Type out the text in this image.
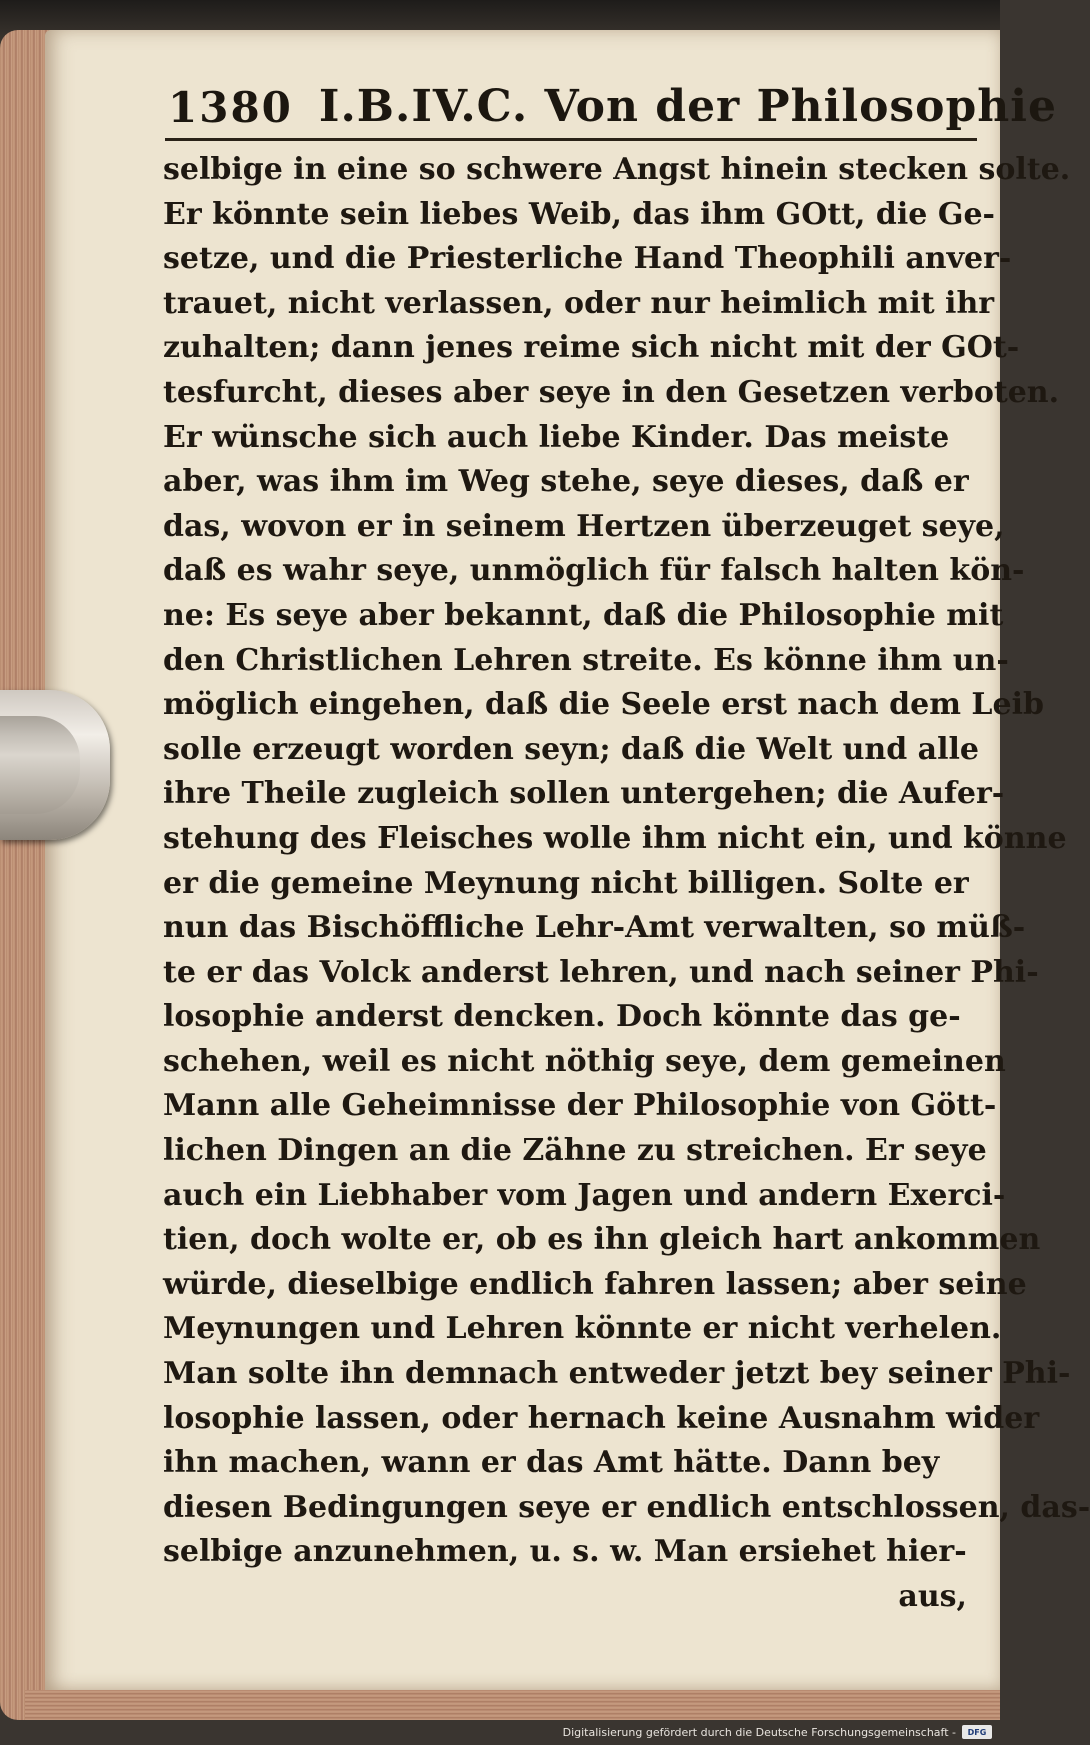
1380 I.B.IV.C. Von der Philosophie
selbige in eine so schwere Angst hinein stecken solte.
Er könnte sein liebes Weib, das ihm GOtt, die Ge-
setze, und die Priesterliche Hand Theophili anver-
trauet, nicht verlassen, oder nur heimlich mit ihr
zuhalten; dann jenes reime sich nicht mit der GOt-
tesfurcht, dieses aber seye in den Gesetzen verboten.
Er wünsche sich auch liebe Kinder. Das meiste
aber, was ihm im Weg stehe, seye dieses, daß er
das, wovon er in seinem Hertzen überzeuget seye,
daß es wahr seye, unmöglich für falsch halten kön-
ne: Es seye aber bekannt, daß die Philosophie mit
den Christlichen Lehren streite. Es könne ihm un-
möglich eingehen, daß die Seele erst nach dem Leib
solle erzeugt worden seyn; daß die Welt und alle
ihre Theile zugleich sollen untergehen; die Aufer-
stehung des Fleisches wolle ihm nicht ein, und könne
er die gemeine Meynung nicht billigen. Solte er
nun das Bischöffliche Lehr-Amt verwalten, so müß-
te er das Volck anderst lehren, und nach seiner Phi-
losophie anderst dencken. Doch könnte das ge-
schehen, weil es nicht nöthig seye, dem gemeinen
Mann alle Geheimnisse der Philosophie von Gött-
lichen Dingen an die Zähne zu streichen. Er seye
auch ein Liebhaber vom Jagen und andern Exerci-
tien, doch wolte er, ob es ihn gleich hart ankommen
würde, dieselbige endlich fahren lassen; aber seine
Meynungen und Lehren könnte er nicht verhelen.
Man solte ihn demnach entweder jetzt bey seiner Phi-
losophie lassen, oder hernach keine Ausnahm wider
ihn machen, wann er das Amt hätte. Dann bey
diesen Bedingungen seye er endlich entschlossen, das-
selbige anzunehmen, u. s. w. Man ersiehet hier-
aus,
Digitalisierung gefördert durch die Deutsche Forschungsgemeinschaft -	DFG
